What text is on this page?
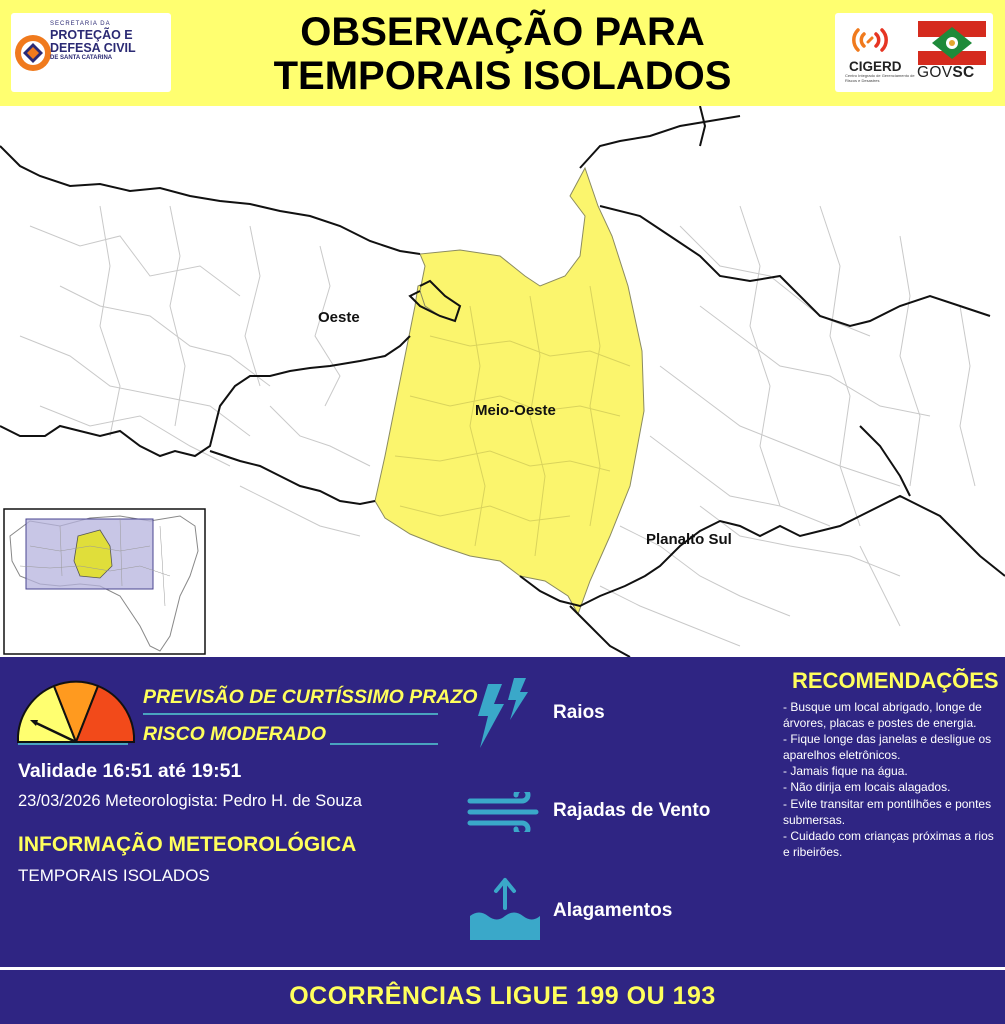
SECRETARIA DA
PROTEÇÃO E
DEFESA CIVIL
DE SANTA CATARINA
OBSERVAÇÃO PARA
TEMPORAIS ISOLADOS	CIGERD
Centro Integrado de Gerenciamento de Riscos e Desastres	GOVSC
Oeste
Meio-Oeste
Planalto Sul
PREVISÃO DE CURTÍSSIMO PRAZO
RISCO MODERADO
Validade 16:51 até 19:51
23/03/2026 Meteorologista: Pedro H. de Souza
INFORMAÇÃO METEOROLÓGICA
TEMPORAIS ISOLADOS
Raios
Rajadas de Vento
Alagamentos
RECOMENDAÇÕES
- Busque um local abrigado, longe de árvores, placas e postes de energia.
- Fique longe das janelas e desligue os aparelhos eletrônicos.
- Jamais fique na água.
- Não dirija em locais alagados.
- Evite transitar em pontilhões e pontes submersas.
- Cuidado com crianças próximas a rios e ribeirões.
OCORRÊNCIAS LIGUE 199 OU 193
